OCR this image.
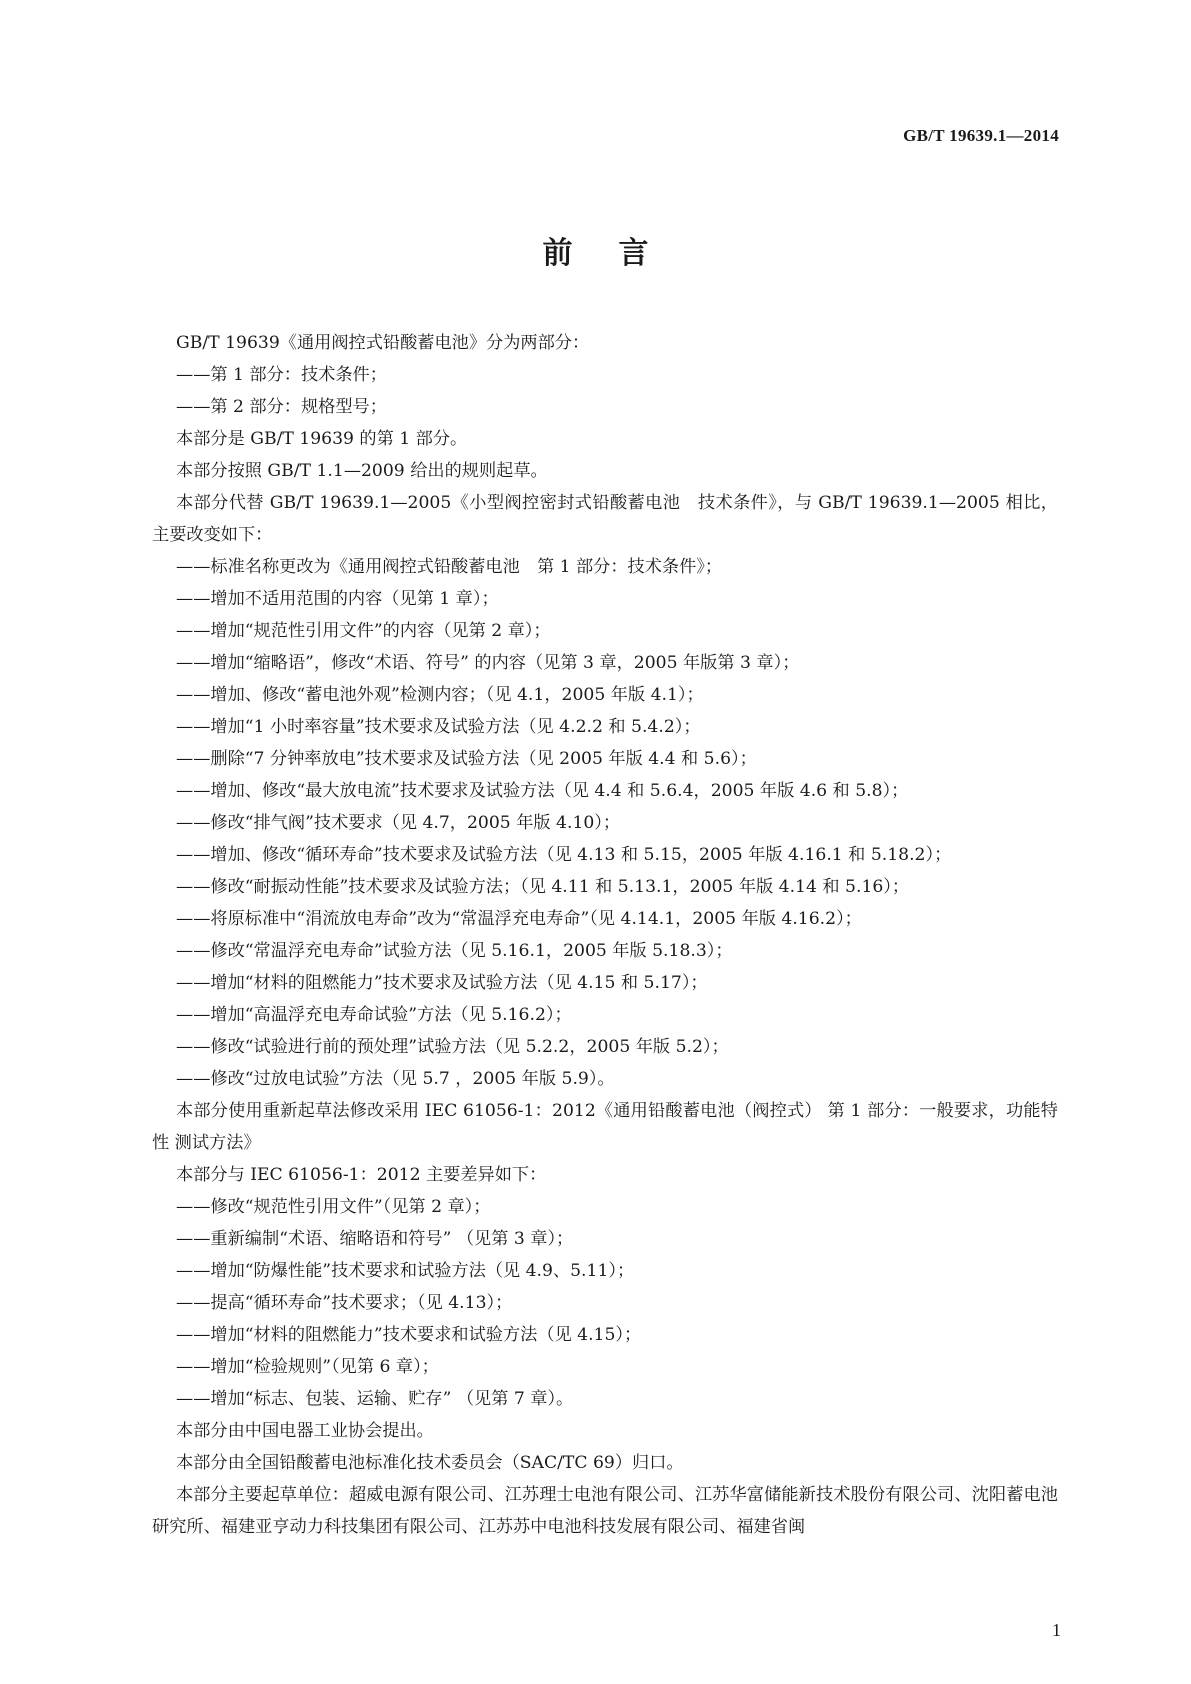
GB/T 19639.1—2014
前言

GB/T 19639《通用阀控式铅酸蓄电池》分为两部分：

——第 1 部分：技术条件；

——第 2 部分：规格型号；

本部分是 GB/T 19639 的第 1 部分。

本部分按照 GB/T 1.1—2009 给出的规则起草。

本部分代替 GB/T 19639.1—2005《小型阀控密封式铅酸蓄电池　技术条件》，与 GB/T 19639.1—2005 相比，主要改变如下：

——标准名称更改为《通用阀控式铅酸蓄电池　第 1 部分：技术条件》；

——增加不适用范围的内容（见第 1 章）；

——增加“规范性引用文件”的内容（见第 2 章）；

——增加“缩略语”，修改“术语、符号” 的内容（见第 3 章，2005 年版第 3 章）；

——增加、修改“蓄电池外观”检测内容；（见 4.1，2005 年版 4.1）；

——增加“1 小时率容量”技术要求及试验方法（见 4.2.2 和 5.4.2）；

——删除“7 分钟率放电”技术要求及试验方法（见 2005 年版 4.4 和 5.6）；

——增加、修改“最大放电流”技术要求及试验方法（见 4.4 和 5.6.4，2005 年版 4.6 和 5.8）；

——修改“排气阀”技术要求（见 4.7，2005 年版 4.10）；

——增加、修改“循环寿命”技术要求及试验方法（见 4.13 和 5.15，2005 年版 4.16.1 和 5.18.2）；

——修改“耐振动性能”技术要求及试验方法；（见 4.11 和 5.13.1，2005 年版 4.14 和 5.16）；

——将原标准中“涓流放电寿命”改为“常温浮充电寿命”（见 4.14.1，2005 年版 4.16.2）；

——修改“常温浮充电寿命”试验方法（见 5.16.1，2005 年版 5.18.3）；

——增加“材料的阻燃能力”技术要求及试验方法（见 4.15 和 5.17）；

——增加“高温浮充电寿命试验”方法（见 5.16.2）；

——修改“试验进行前的预处理”试验方法（见 5.2.2，2005 年版 5.2）；

——修改“过放电试验”方法（见 5.7 ，2005 年版 5.9）。

本部分使用重新起草法修改采用 IEC 61056-1：2012《通用铅酸蓄电池（阀控式） 第 1 部分：一般要求，功能特性 测试方法》

本部分与 IEC 61056-1：2012 主要差异如下：

——修改“规范性引用文件”（见第 2 章）；

——重新编制“术语、缩略语和符号” （见第 3 章）；

——增加“防爆性能”技术要求和试验方法（见 4.9、5.11）；

——提高“循环寿命”技术要求；（见 4.13）；

——增加“材料的阻燃能力”技术要求和试验方法（见 4.15）；

——增加“检验规则”（见第 6 章）；

——增加“标志、包装、运输、贮存” （见第 7 章）。

本部分由中国电器工业协会提出。

本部分由全国铅酸蓄电池标准化技术委员会（SAC/TC 69）归口。

本部分主要起草单位：超威电源有限公司、江苏理士电池有限公司、江苏华富储能新技术股份有限公司、沈阳蓄电池研究所、福建亚亨动力科技集团有限公司、江苏苏中电池科技发展有限公司、福建省闽

1
